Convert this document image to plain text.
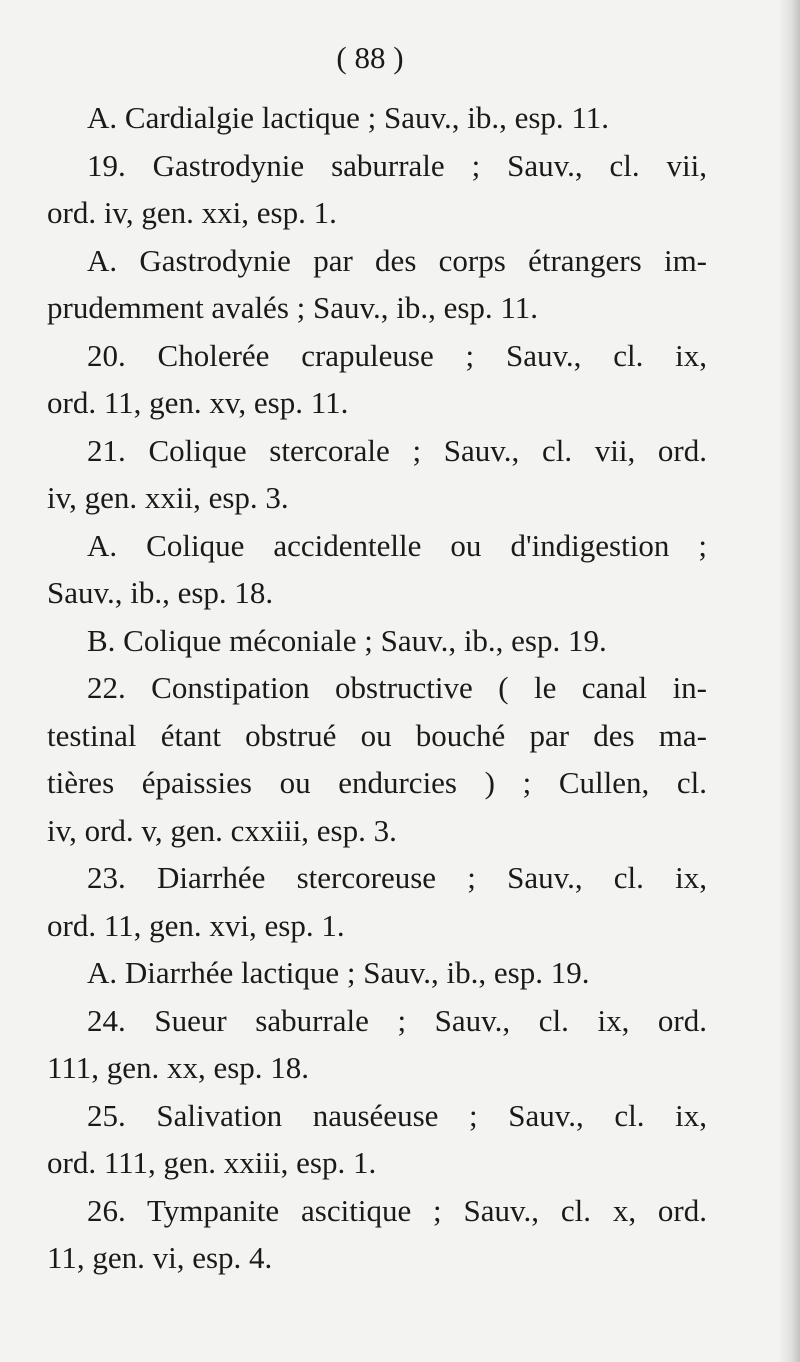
( 88 )

A. Cardialgie lactique ; Sauv., ib., esp. 11.

19. Gastrodynie saburrale ; Sauv., cl. vii,
ord. iv, gen. xxi, esp. 1.

A. Gastrodynie par des corps étrangers im-
prudemment avalés ; Sauv., ib., esp. 11.

20. Cholerée crapuleuse ; Sauv., cl. ix,
ord. 11, gen. xv, esp. 11.

21. Colique stercorale ; Sauv., cl. vii, ord.
iv, gen. xxii, esp. 3.

A. Colique accidentelle ou d'indigestion ;
Sauv., ib., esp. 18.

B. Colique méconiale ; Sauv., ib., esp. 19.

22. Constipation obstructive ( le canal in-
testinal étant obstrué ou bouché par des ma-
tières épaissies ou endurcies ) ; Cullen, cl.
iv, ord. v, gen. cxxiii, esp. 3.

23. Diarrhée stercoreuse ; Sauv., cl. ix,
ord. 11, gen. xvi, esp. 1.

A. Diarrhée lactique ; Sauv., ib., esp. 19.

24. Sueur saburrale ; Sauv., cl. ix, ord.
111, gen. xx, esp. 18.

25. Salivation nauséeuse ; Sauv., cl. ix,
ord. 111, gen. xxiii, esp. 1.

26. Tympanite ascitique ; Sauv., cl. x, ord.
11, gen. vi, esp. 4.
